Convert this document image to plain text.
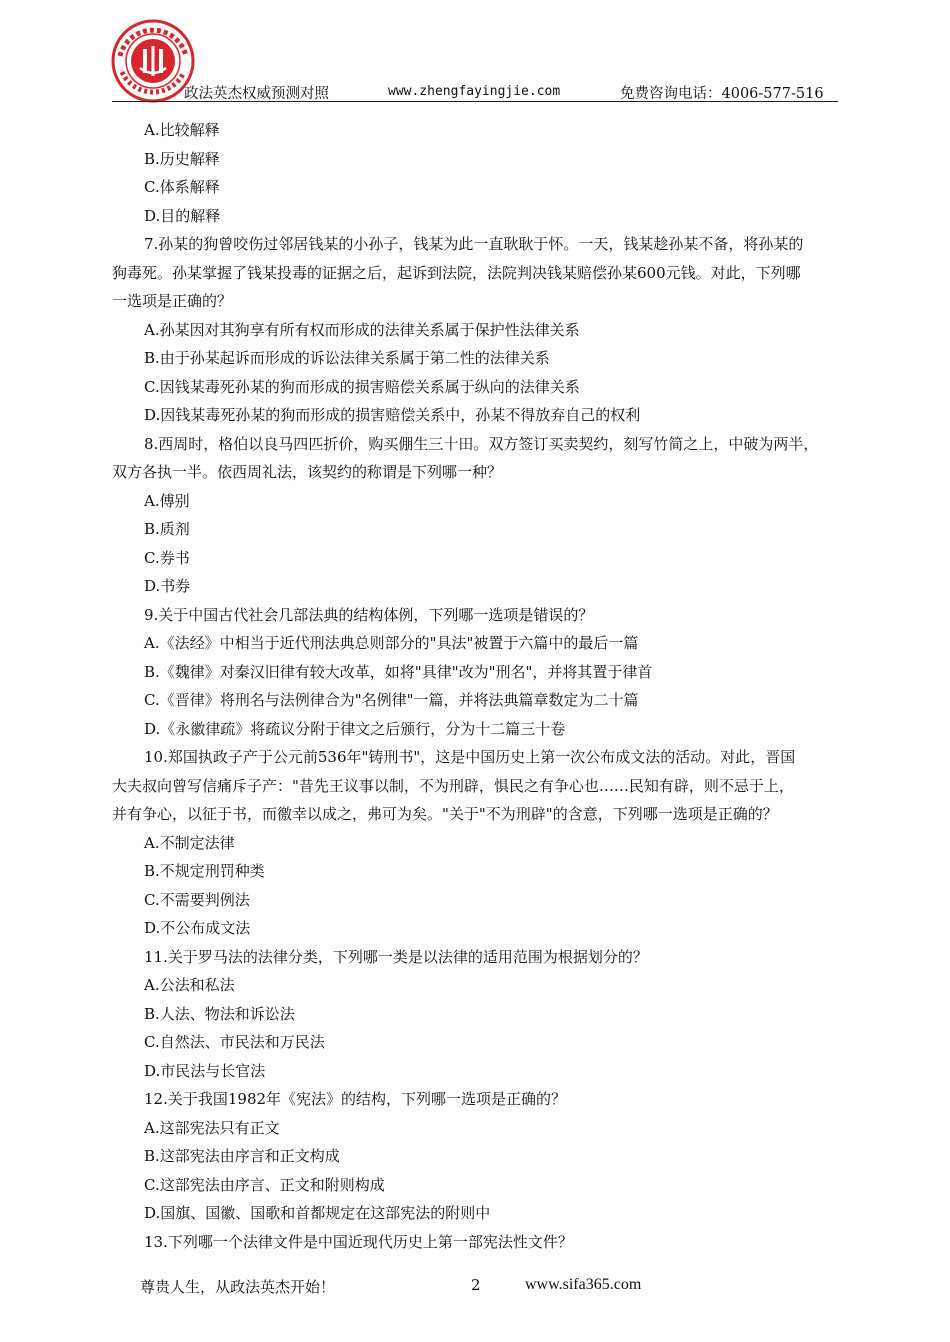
政法英杰权威预测对照	www.zhengfayingjie.com	免费咨询电话：4006-577-516
A.比较解释
B.历史解释
C.体系解释
D.目的解释
7.孙某的狗曾咬伤过邻居钱某的小孙子，钱某为此一直耿耿于怀。一天，钱某趁孙某不备，将孙某的
狗毒死。孙某掌握了钱某投毒的证据之后，起诉到法院，法院判决钱某赔偿孙某600元钱。对此，下列哪
一选项是正确的？
A.孙某因对其狗享有所有权而形成的法律关系属于保护性法律关系
B.由于孙某起诉而形成的诉讼法律关系属于第二性的法律关系
C.因钱某毒死孙某的狗而形成的损害赔偿关系属于纵向的法律关系
D.因钱某毒死孙某的狗而形成的损害赔偿关系中，孙某不得放弃自己的权利
8.西周时，格伯以良马四匹折价，购买倗生三十田。双方签订买卖契约，刻写竹简之上，中破为两半，
双方各执一半。依西周礼法，该契约的称谓是下列哪一种？
A.傅别
B.质剂
C.券书
D.书券
9.关于中国古代社会几部法典的结构体例，下列哪一选项是错误的？
A.《法经》中相当于近代刑法典总则部分的"具法"被置于六篇中的最后一篇
B.《魏律》对秦汉旧律有较大改革，如将"具律"改为"刑名"，并将其置于律首
C.《晋律》将刑名与法例律合为"名例律"一篇，并将法典篇章数定为二十篇
D.《永徽律疏》将疏议分附于律文之后颁行，分为十二篇三十卷
10.郑国执政子产于公元前536年"铸刑书"，这是中国历史上第一次公布成文法的活动。对此，晋国
大夫叔向曾写信痛斥子产："昔先王议事以制，不为刑辟，惧民之有争心也……民知有辟，则不忌于上，
并有争心，以征于书，而徼幸以成之，弗可为矣。"关于"不为刑辟"的含意，下列哪一选项是正确的？
A.不制定法律
B.不规定刑罚种类
C.不需要判例法
D.不公布成文法
11.关于罗马法的法律分类，下列哪一类是以法律的适用范围为根据划分的？
A.公法和私法
B.人法、物法和诉讼法
C.自然法、市民法和万民法
D.市民法与长官法
12.关于我国1982年《宪法》的结构，下列哪一选项是正确的？
A.这部宪法只有正文
B.这部宪法由序言和正文构成
C.这部宪法由序言、正文和附则构成
D.国旗、国徽、国歌和首都规定在这部宪法的附则中
13.下列哪一个法律文件是中国近现代历史上第一部宪法性文件？
尊贵人生，从政法英杰开始！	2	www.sifa365.com
